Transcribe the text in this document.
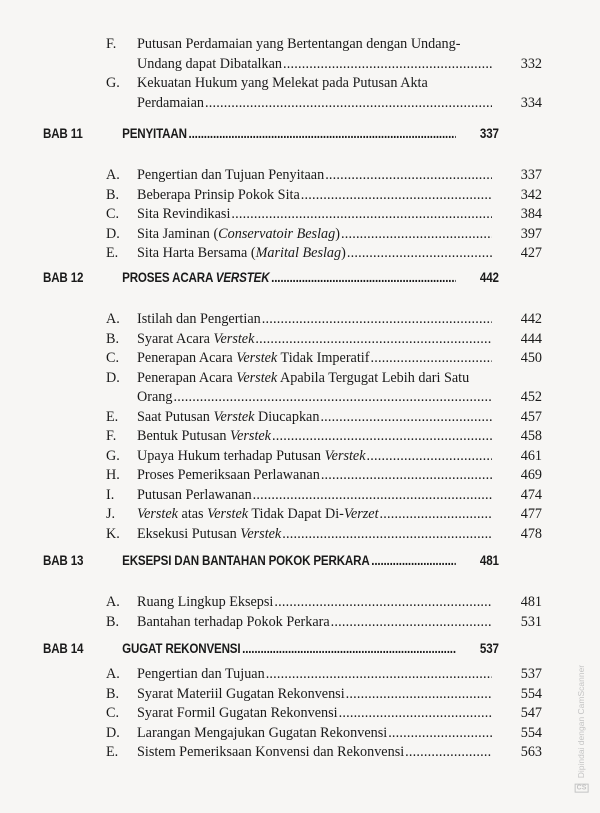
F.	Putusan Perdamaian yang Bertentangan dengan Undang-
Undang dapat Dibatalkan .....	332
G.	Kekuatan Hukum yang Melekat pada Putusan Akta
Perdamaian .....	334
BAB 11	PENYITAAN .....	337
A.	Pengertian dan Tujuan Penyitaan .....	337
B.	Beberapa Prinsip Pokok Sita .....	342
C.	Sita Revindikasi .....	384
D.	Sita Jaminan (Conservatoir Beslag) .....	397
E.	Sita Harta Bersama (Marital Beslag) .....	427
BAB 12	PROSES ACARA VERSTEK .....	442
A.	Istilah dan Pengertian .....	442
B.	Syarat Acara Verstek .....	444
C.	Penerapan Acara Verstek Tidak Imperatif .....	450
D.	Penerapan Acara Verstek Apabila Tergugat Lebih dari Satu
Orang .....	452
E.	Saat Putusan Verstek Diucapkan .....	457
F.	Bentuk Putusan Verstek .....	458
G.	Upaya Hukum terhadap Putusan Verstek .....	461
H.	Proses Pemeriksaan Perlawanan .....	469
I.	Putusan Perlawanan .....	474
J.	Verstek atas Verstek Tidak Dapat Di-Verzet .....	477
K.	Eksekusi Putusan Verstek .....	478
BAB 13	EKSEPSI DAN BANTAHAN POKOK PERKARA .....	481
A.	Ruang Lingkup Eksepsi .....	481
B.	Bantahan terhadap Pokok Perkara .....	531
BAB 14	GUGAT REKONVENSI .....	537
A.	Pengertian dan Tujuan .....	537
B.	Syarat Materiil Gugatan Rekonvensi .....	554
C.	Syarat Formil Gugatan Rekonvensi .....	547
D.	Larangan Mengajukan Gugatan Rekonvensi .....	554
E.	Sistem Pemeriksaan Konvensi dan Rekonvensi .....	563
CS
Dipindai dengan CamScanner
